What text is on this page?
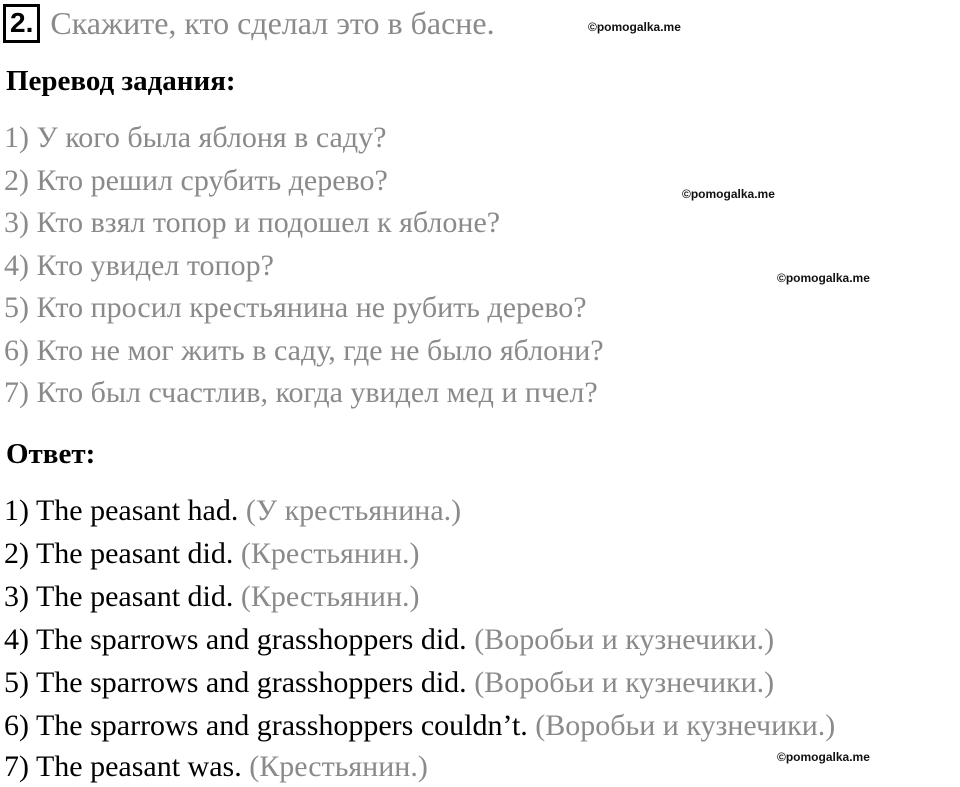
2. Скажите, кто сделал это в басне.	©pomogalka.me
©pomogalka.me
©pomogalka.me
©pomogalka.me
Перевод задания:
1) У кого была яблоня в саду?
2) Кто решил срубить дерево?
3) Кто взял топор и подошел к яблоне?
4) Кто увидел топор?
5) Кто просил крестьянина не рубить дерево?
6) Кто не мог жить в саду, где не было яблони?
7) Кто был счастлив, когда увидел мед и пчел?
Ответ:
1) The peasant had. (У крестьянина.)
2) The peasant did. (Крестьянин.)
3) The peasant did. (Крестьянин.)
4) The sparrows and grasshoppers did. (Воробьи и кузнечики.)
5) The sparrows and grasshoppers did. (Воробьи и кузнечики.)
6) The sparrows and grasshoppers couldn’t. (Воробьи и кузнечики.)
7) The peasant was. (Крестьянин.)
